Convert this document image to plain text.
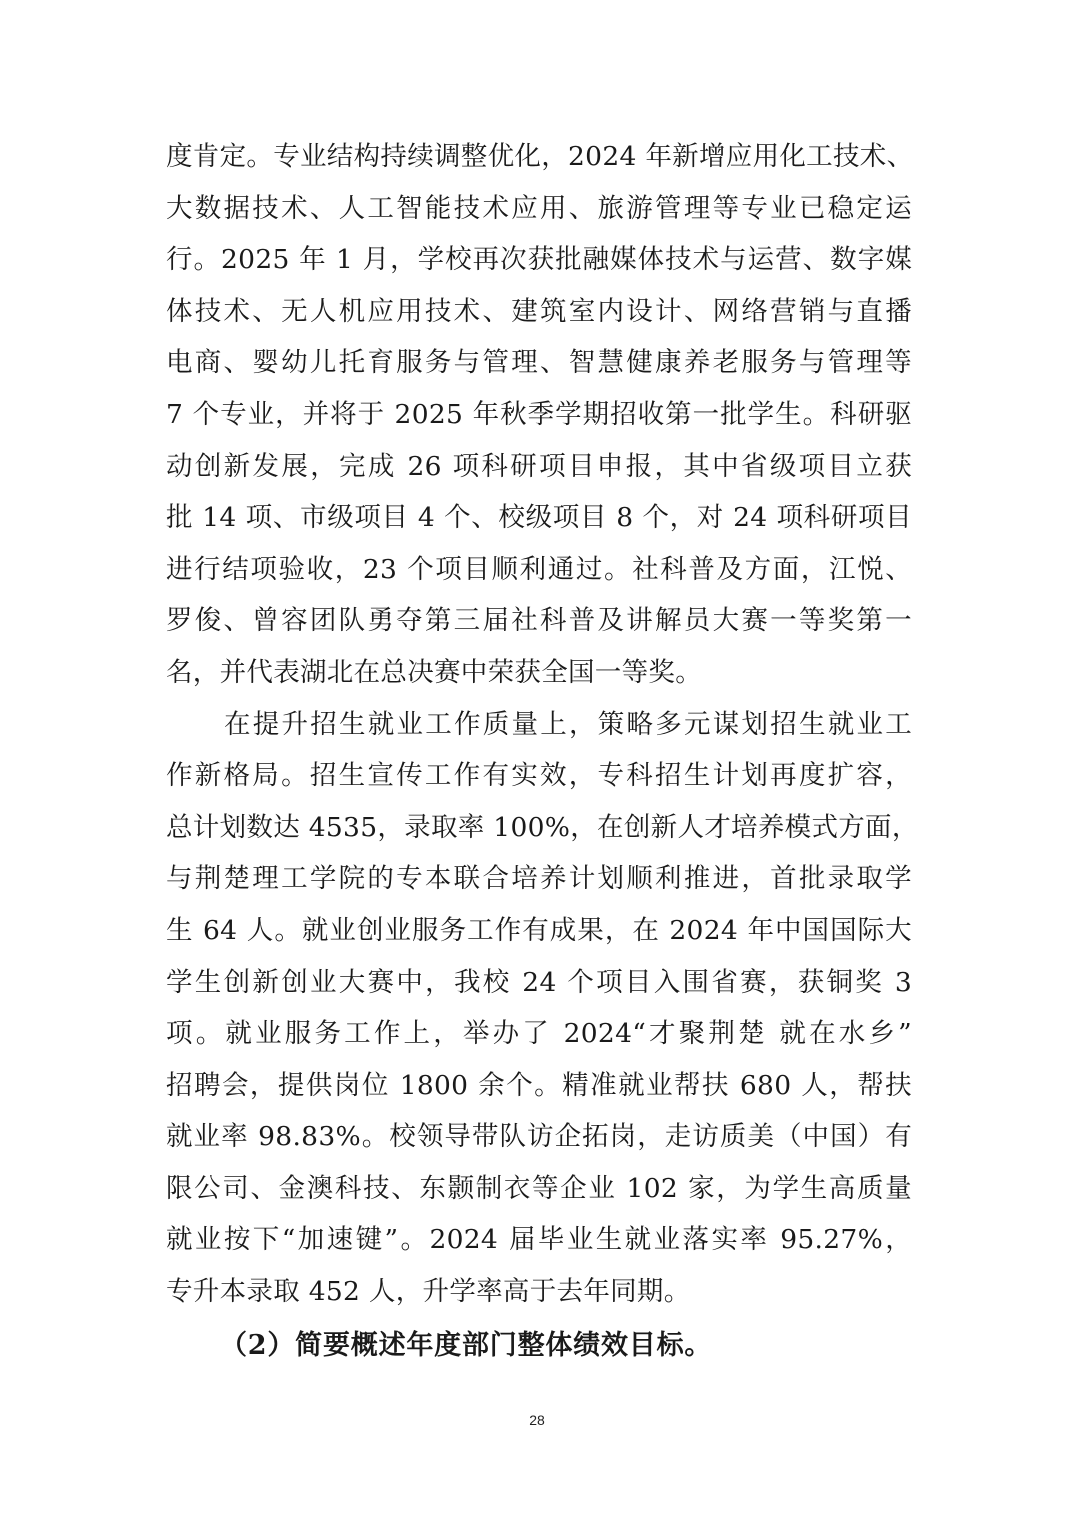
度肯定。专业结构持续调整优化，2024 年新增应用化工技术、
大数据技术、人工智能技术应用、旅游管理等专业已稳定运
行。2025 年 1 月，学校再次获批融媒体技术与运营、数字媒
体技术、无人机应用技术、建筑室内设计、网络营销与直播
电商、婴幼儿托育服务与管理、智慧健康养老服务与管理等
7 个专业，并将于 2025 年秋季学期招收第一批学生。科研驱
动创新发展，完成 26 项科研项目申报，其中省级项目立获
批 14 项、市级项目 4 个、校级项目 8 个，对 24 项科研项目
进行结项验收，23 个项目顺利通过。社科普及方面，江悦、
罗俊、曾容团队勇夺第三届社科普及讲解员大赛一等奖第一
名，并代表湖北在总决赛中荣获全国一等奖。
在提升招生就业工作质量上，策略多元谋划招生就业工
作新格局。招生宣传工作有实效，专科招生计划再度扩容，
总计划数达 4535，录取率 100%，在创新人才培养模式方面，
与荆楚理工学院的专本联合培养计划顺利推进，首批录取学
生 64 人。就业创业服务工作有成果，在 2024 年中国国际大
学生创新创业大赛中，我校 24 个项目入围省赛，获铜奖 3
项。就业服务工作上，举办了 2024“才聚荆楚 就在水乡”
招聘会，提供岗位 1800 余个。精准就业帮扶 680 人，帮扶
就业率 98.83%。校领导带队访企拓岗，走访质美（中国）有
限公司、金澳科技、东颢制衣等企业 102 家，为学生高质量
就业按下“加速键”。2024 届毕业生就业落实率 95.27%，
专升本录取 452 人，升学率高于去年同期。
（2）简要概述年度部门整体绩效目标。
28
